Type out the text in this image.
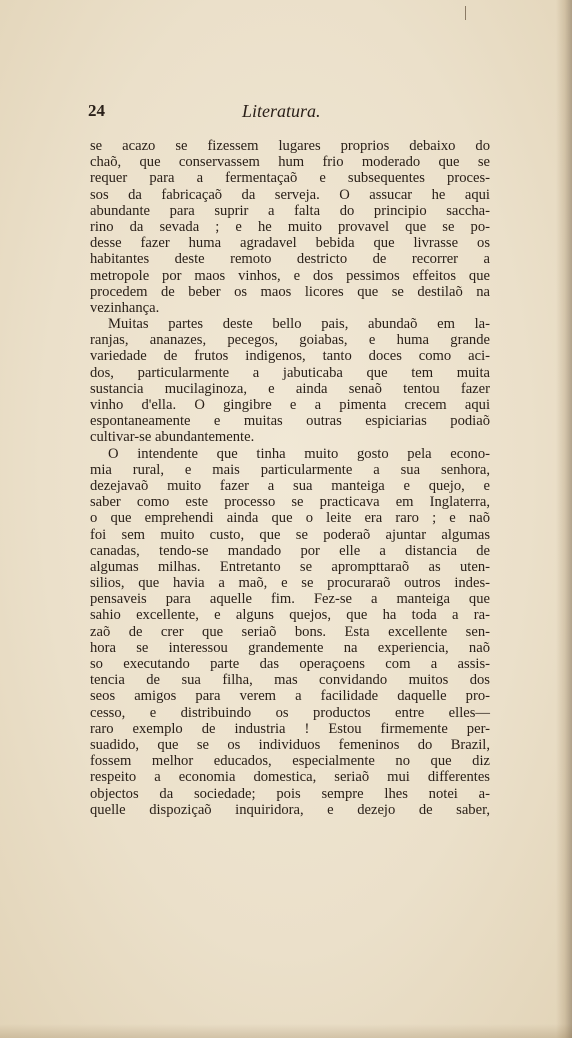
24	Literatura.
se acazo se fizessem lugares proprios debaixo do
chaõ, que conservassem hum frio moderado que se
requer para a fermentaçaõ e subsequentes proces-
sos da fabricaçaõ da serveja. O assucar he aqui
abundante para suprir a falta do principio saccha-
rino da sevada ; e he muito provavel que se po-
desse fazer huma agradavel bebida que livrasse os
habitantes deste remoto destricto de recorrer a
metropole por maos vinhos, e dos pessimos effeitos que
procedem de beber os maos licores que se destilaõ na
vezinhança.
Muitas partes deste bello pais, abundaõ em la-
ranjas, ananazes, pecegos, goiabas, e huma grande
variedade de frutos indigenos, tanto doces como aci-
dos, particularmente a jabuticaba que tem muita
sustancia mucilaginoza, e ainda senaõ tentou fazer
vinho d'ella. O gingibre e a pimenta crecem aqui
espontaneamente e muitas outras espiciarias podiaõ
cultivar-se abundantemente.
O intendente que tinha muito gosto pela econo-
mia rural, e mais particularmente a sua senhora,
dezejavaõ muito fazer a sua manteiga e quejo, e
saber como este processo se practicava em Inglaterra,
o que emprehendi ainda que o leite era raro ; e naõ
foi sem muito custo, que se poderaõ ajuntar algumas
canadas, tendo-se mandado por elle a distancia de
algumas milhas. Entretanto se aprompttaraõ as uten-
silios, que havia a maõ, e se procuraraõ outros indes-
pensaveis para aquelle fim. Fez-se a manteiga que
sahio excellente, e alguns quejos, que ha toda a ra-
zaõ de crer que seriaõ bons. Esta excellente sen-
hora se interessou grandemente na experiencia, naõ
so executando parte das operaçoens com a assis-
tencia de sua filha, mas convidando muitos dos
seos amigos para verem a facilidade daquelle pro-
cesso, e distribuindo os productos entre elles—
raro exemplo de industria ! Estou firmemente per-
suadido, que se os individuos femeninos do Brazil,
fossem melhor educados, especialmente no que diz
respeito a economia domestica, seriaõ mui differentes
objectos da sociedade; pois sempre lhes notei a-
quelle dispoziçaõ inquiridora, e dezejo de saber,
